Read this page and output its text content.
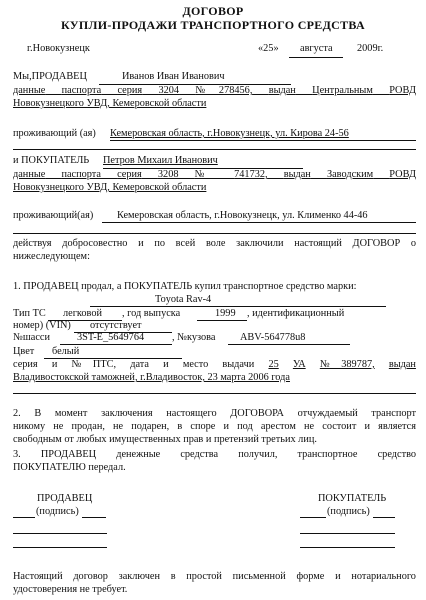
ДОГОВОР
КУПЛИ-ПРОДАЖИ ТРАНСПОРТНОГО СРЕДСТВА
г.Новокузнецк	«25» августа 2009г.
Мы,ПРОДАВЕЦ	Иванов Иван Иванович
данные паспорта серия 3204 №278456, выдан Центральным РОВД
Новокузнецкого УВД, Кемеровской области
проживающий (ая) Кемеровская область, г.Новокузнецк, ул. Кирова 24-56
и ПОКУПАТЕЛЬ Петров Михаил Иванович
данные паспорта серия 3208 № 741732, выдан Заводским РОВД
Новокузнецкого УВД, Кемеровской области
проживающий(ая) Кемеровская область, г.Новокузнецк, ул. Клименко 44-46
действуя добросовестно и по всей воле заключили настоящий ДОГОВОР о
нижеследующем:
1. ПРОДАВЕЦ продал, а ПОКУПАТЕЛЬ купил транспортное средство марки:
Toyota Rav-4
Тип ТС легковой , год выпуска	1999 , идентификационный
номер) (VIN) отсутствует
№шасси	3ST-E_5649764	, №кузова ABV-564778u8
Цвет белый
серия и №ПТС, дата и место выдачи 25 УА №389787, выдан
Владивостокской таможней, г.Владивосток, 23 марта 2006 года
2. В момент заключения настоящего ДОГОВОРА отчуждаемый транспорт
никому не продан, не подарен, в споре и под арестом не состоит и является
свободным от любых имущественных прав и претензий третьих лиц.
3. ПРОДАВЕЦ денежные средства получил, транспортное средство
ПОКУПАТЕЛЮ передал.
ПРОДАВЕЦ	ПОКУПАТЕЛЬ
(подпись)	(подпись)
Настоящий договор заключен в простой письменной форме и нотариального
удостоверения не требует.
